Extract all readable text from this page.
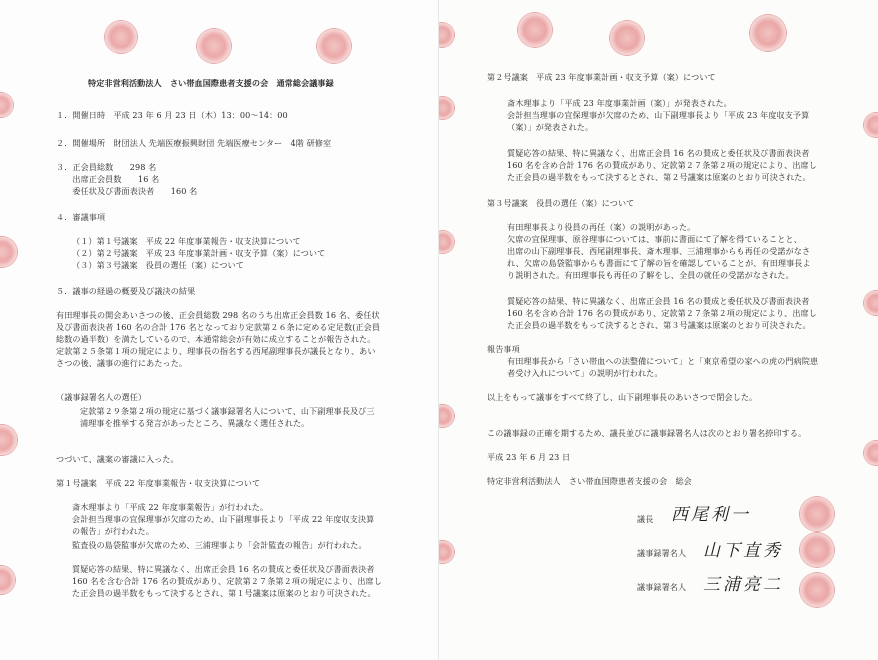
特定非営利活動法人　さい帯血国際患者支援の会　通常総会議事録
１．開催日時　平成 23 年 6 月 23 日（木）13：00～14：00
２．開催場所　財団法人 先端医療振興財団 先端医療センター　4階 研修室
３．正会員総数　　298 名
　　出席正会員数　　16 名
　　委任状及び書面表決者　　160 名
４．審議事項
（１）第１号議案　平成 22 年度事業報告・収支決算について
（２）第２号議案　平成 23 年度事業計画・収支予算（案）について
（３）第３号議案　役員の選任（案）について
５．議事の経過の概要及び議決の結果
有田理事長の開会あいさつの後、正会員総数 298 名のうち出席正会員数 16 名、委任状
及び書面表決者 160 名の合計 176 名となっており定款第２６条に定める定足数(正会員
総数の過半数）を満たしているので、本通常総会が有効に成立することが報告された。
定款第２５条第１項の規定により、理事長の指名する西尾副理事長が議長となり、あい
さつの後、議事の進行にあたった。
（議事録署名人の選任）
定款第２９条第２項の規定に基づく議事録署名人について、山下副理事長及び三
浦理事を推挙する発言があったところ、異議なく選任された。
つづいて、議案の審議に入った。
第１号議案　平成 22 年度事業報告・収支決算について
斎木理事より「平成 22 年度事業報告」が行われた。
会計担当理事の宜保理事が欠席のため、山下副理事長より「平成 22 年度収支決算
の報告」が行われた。
監査役の島袋監事が欠席のため、三浦理事より「会計監査の報告」が行われた。
質疑応答の結果、特に異議なく、出席正会員 16 名の賛成と委任状及び書面表決者
160 名を含む合計 176 名の賛成があり、定款第２７条第２項の規定により、出席し
た正会員の過半数をもって決するとされ、第１号議案は原案のとおり可決された。
第２号議案　平成 23 年度事業計画・収支予算（案）について
斎木理事より「平成 23 年度事業計画（案）」が発表された。
会計担当理事の宜保理事が欠席のため、山下副理事長より「平成 23 年度収支予算
（案）」が発表された。
質疑応答の結果、特に異議なく、出席正会員 16 名の賛成と委任状及び書面表決者
160 名を含め合計 176 名の賛成があり、定款第２７条第２項の規定により、出席し
た正会員の過半数をもって決するとされ、第２号議案は原案のとおり可決された。
第３号議案　役員の選任（案）について
有田理事長より役員の再任（案）の説明があった。
欠席の宜保理事、原谷理事については、事前に書面にて了解を得ていることと、
出席の山下副理事長、西尾副理事長、斎木理事、三浦理事からも再任の受諾がなさ
れ、欠席の島袋監事からも書面にて了解の旨を確認していることが、有田理事長よ
り説明された。有田理事長も再任の了解をし、全員の就任の受諾がなされた。
質疑応答の結果、特に異議なく、出席正会員 16 名の賛成と委任状及び書面表決者
160 名を含め合計 176 名の賛成があり、定款第２７条第２項の規定により、出席し
た正会員の過半数をもって決するとされ、第３号議案は原案のとおり可決された。
報告事項
有田理事長から「さい帯血への法整備について」と「東京希望の家への虎の門病院患
者受け入れについて」の説明が行われた。
以上をもって議事をすべて終了し、山下副理事長のあいさつで閉会した。
この議事録の正確を期するため、議長並びに議事録署名人は次のとおり署名捺印する。
平成 23 年 6 月 23 日
特定非営利活動法人　さい帯血国際患者支援の会　総会
議長 西尾利一
議事録署名人 山下直秀
議事録署名人 三浦亮二
